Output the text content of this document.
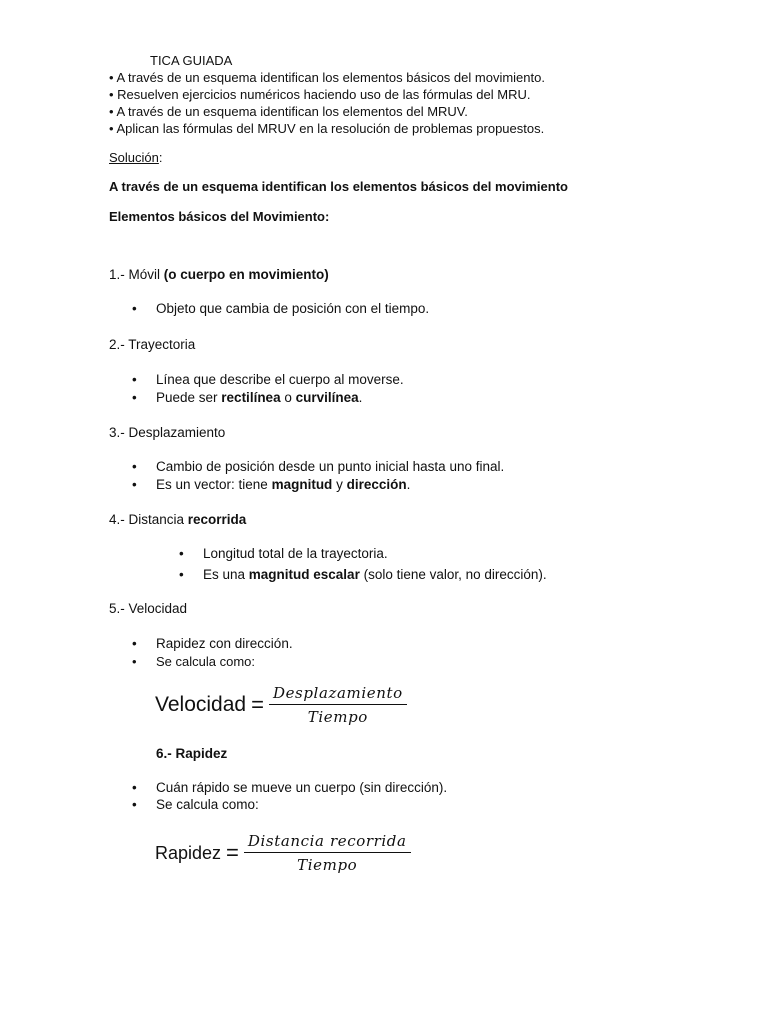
TICA GUIADA
• A través de un esquema identifican los elementos básicos del movimiento.
• Resuelven ejercicios numéricos haciendo uso de las fórmulas del MRU.
• A través de un esquema identifican los elementos del MRUV.
• Aplican las fórmulas del MRUV en la resolución de problemas propuestos.
Solución:
A través de un esquema identifican los elementos básicos del movimiento
Elementos básicos del Movimiento:
1.- Móvil (o cuerpo en movimiento)
• Objeto que cambia de posición con el tiempo.
2.- Trayectoria
• Línea que describe el cuerpo al moverse.
• Puede ser rectilínea o curvilínea.
3.- Desplazamiento
• Cambio de posición desde un punto inicial hasta uno final.
• Es un vector: tiene magnitud y dirección.
4.- Distancia recorrida
• Longitud total de la trayectoria.
• Es una magnitud escalar (solo tiene valor, no dirección).
5.- Velocidad
• Rapidez con dirección.
• Se calcula como:
Velocidad = $\frac{\text{Desplazamiento}}{\text{Tiempo}}$
6.- Rapidez
• Cuán rápido se mueve un cuerpo (sin dirección).
• Se calcula como:
Rapidez = $\frac{\text{Distancia recorrida}}{\text{Tiempo}}$
